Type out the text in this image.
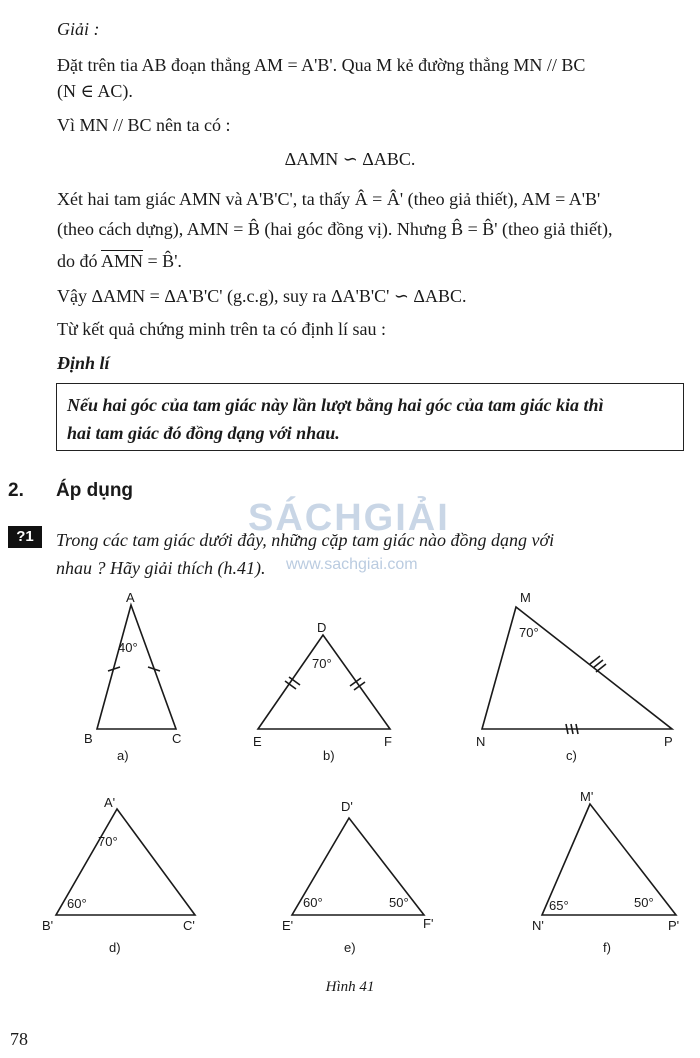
Giải :
Đặt trên tia AB đoạn thẳng AM = A'B'. Qua M kẻ đường thẳng MN // BC
(N ∈ AC).
Vì MN // BC nên ta có :
ΔAMN ∽ ΔABC.
Xét hai tam giác AMN và A'B'C', ta thấy Â = Â' (theo giả thiết), AM = A'B'
(theo cách dựng), AMN = B̂ (hai góc đồng vị). Nhưng B̂ = B̂' (theo giả thiết),
do đó $\overline{AMN}$ = B̂'.
Vậy ΔAMN = ΔA'B'C' (g.c.g), suy ra ΔA'B'C' ∽ ΔABC.
Từ kết quả chứng minh trên ta có định lí sau :
Định lí
Nếu hai góc của tam giác này lần lượt bằng hai góc của tam giác kia thì
hai tam giác đó đồng dạng với nhau.
2. Áp dụng
SÁCHGIẢI
www.sachgiai.com
?1	Trong các tam giác dưới đây, những cặp tam giác nào đồng dạng với
nhau ? Hãy giải thích (h.41).
A
B	C
40°
a)
D
E	F
70°
b)
M
N	P
70°
c)
A'
B'	C'
70°
60°
d)
D'
E'	F'
60°	50°
e)
M'
N'	P'
65°	50°
f)
Hình 41
78
